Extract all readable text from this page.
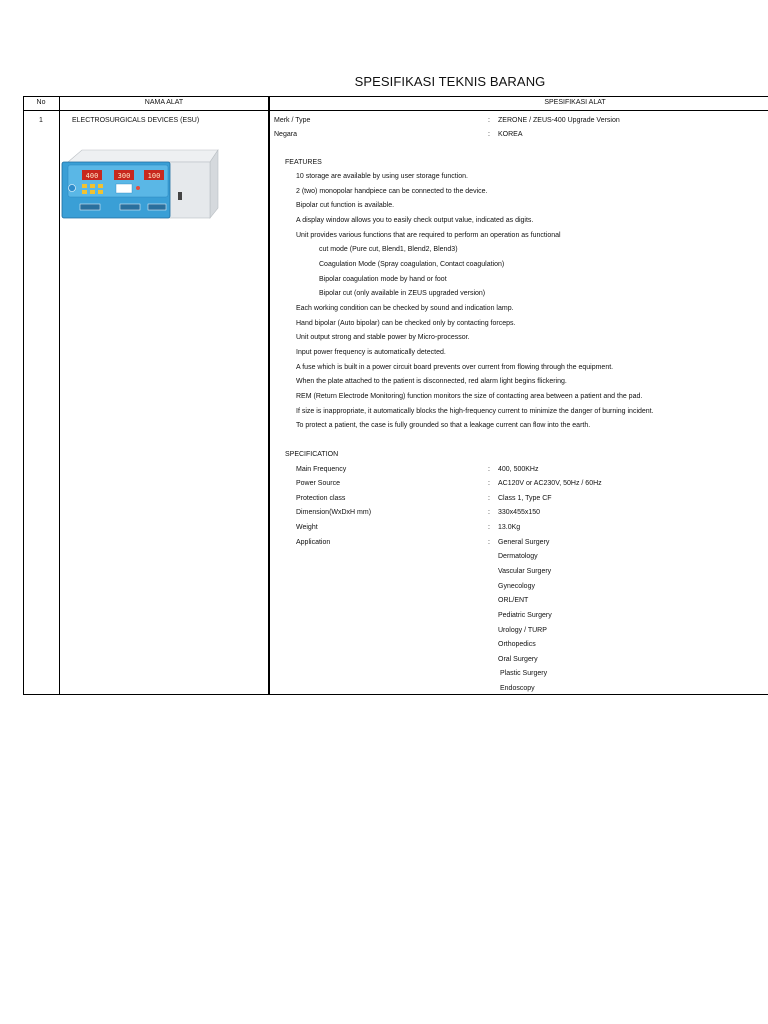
SPESIFIKASI TEKNIS BARANG
No	NAMA ALAT	SPESIFIKASI ALAT
1	ELECTROSURGICALS DEVICES (ESU)	Merk / Type	: ZERONE / ZEUS-400 Upgrade Version
Negara	: KOREA
400	300 100
FEATURES
10 storage are available by using user storage function.
2 (two) monopolar handpiece can be connected to the device.
Bipolar cut function is available.
A display window allows you to easily check output value, indicated as digits.
Unit provides various functions that are required to perform an operation as functional
cut mode (Pure cut, Blend1, Blend2, Blend3)
Coagulation Mode (Spray coagulation, Contact coagulation)
Bipolar coagulation mode by hand or foot
Bipolar cut (only available in ZEUS upgraded version)
Each working condition can be checked by sound and indication lamp.
Hand bipolar (Auto bipolar) can be checked only by contacting forceps.
Unit output strong and stable power by Micro-processor.
Input power frequency is automatically detected.
A fuse which is built in a power circuit board prevents over current from flowing through the equipment.
When the plate attached to the patient is disconnected, red alarm light begins flickering.
REM (Return Electrode Monitoring) function monitors the size of contacting area between a patient and the pad.
If size is inappropriate, it automatically blocks the high-frequency current to minimize the danger of burning incident.
To protect a patient, the case is fully grounded so that a leakage current can flow into the earth.
SPECIFICATION
Main Frequency	: 400, 500KHz
Power Source	: AC120V or AC230V, 50Hz / 60Hz
Protection class	: Class 1, Type CF
Dimension(WxDxH mm)	: 330x455x150
Weight	: 13.0Kg
Application	: General Surgery
Dermatology
Vascular Surgery
Gynecology
ORL/ENT
Pediatric Surgery
Urology / TURP
Orthopedics
Oral Surgery
Plastic Surgery
Endoscopy
